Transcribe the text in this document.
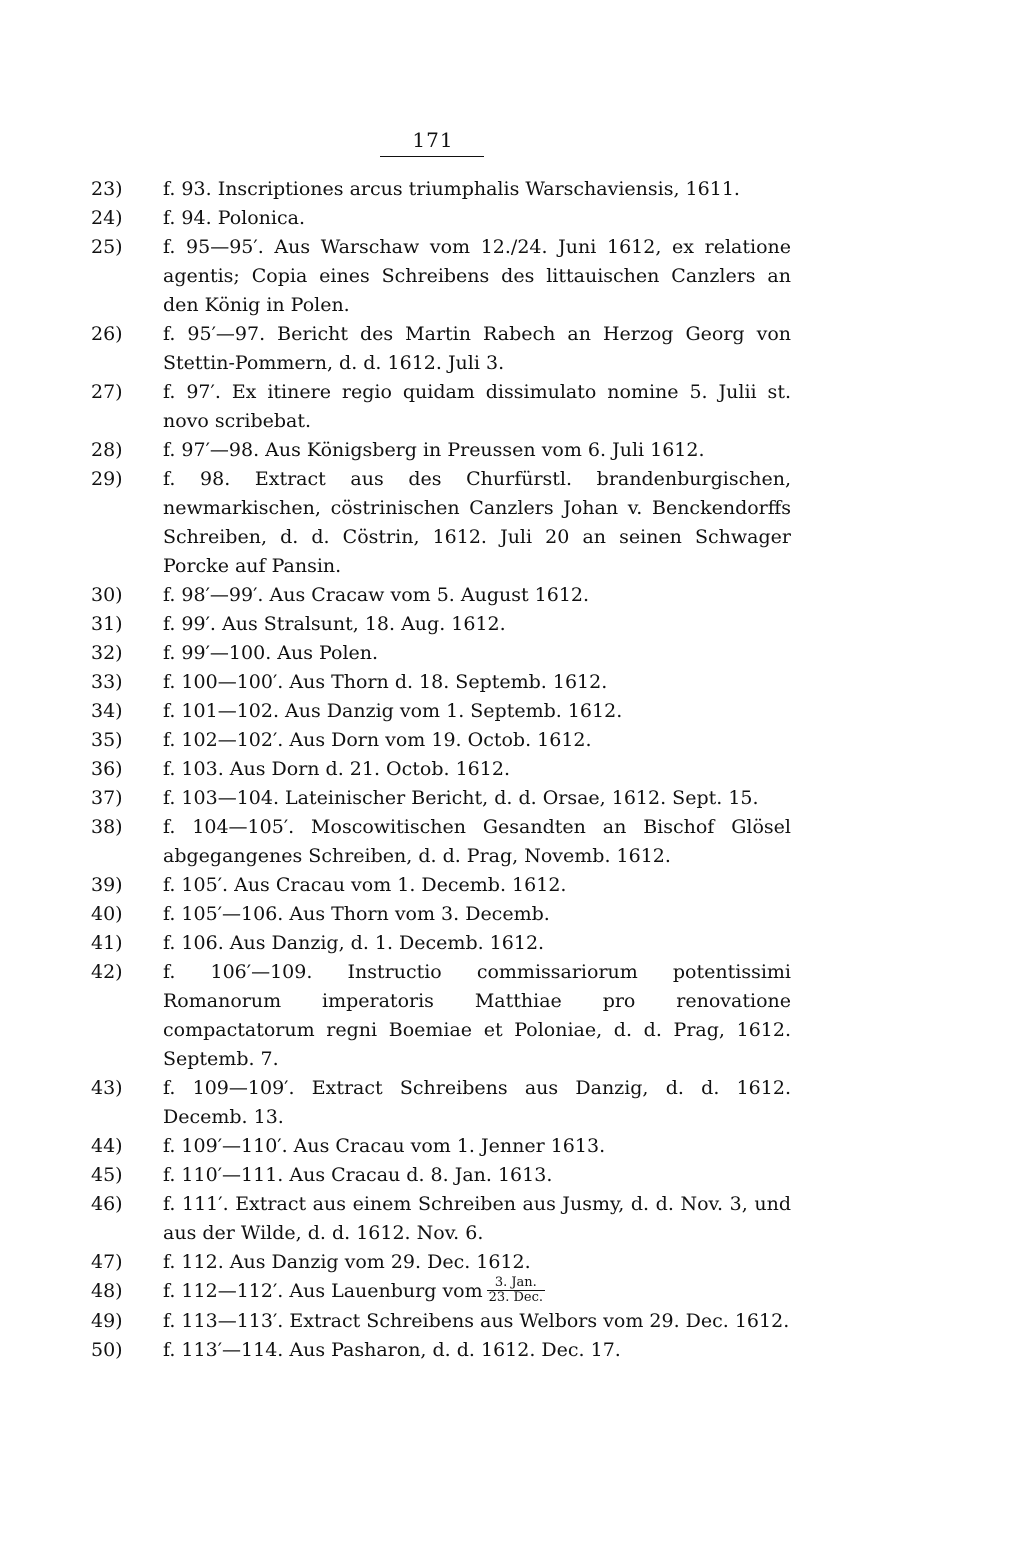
171
23)	f. 93. Inscriptiones arcus triumphalis Warschaviensis, 1611.
24)	f. 94. Polonica.
25)	f. 95—95′. Aus Warschaw vom 12./24. Juni 1612, ex relatione agentis; Copia eines Schreibens des littauischen Canzlers an den König in Polen.
26)	f. 95′—97. Bericht des Martin Rabech an Herzog Georg von Stettin-Pommern, d. d. 1612. Juli 3.
27)	f. 97′. Ex itinere regio quidam dissimulato nomine 5. Julii st. novo scribebat.
28)	f. 97′—98. Aus Königsberg in Preussen vom 6. Juli 1612.
29)	f. 98. Extract aus des Churfürstl. brandenburgischen, newmarkischen, cöstrinischen Canzlers Johan v. Benckendorffs Schreiben, d. d. Cöstrin, 1612. Juli 20 an seinen Schwager Porcke auf Pansin.
30)	f. 98′—99′. Aus Cracaw vom 5. August 1612.
31)	f. 99′. Aus Stralsunt, 18. Aug. 1612.
32)	f. 99′—100. Aus Polen.
33)	f. 100—100′. Aus Thorn d. 18. Septemb. 1612.
34)	f. 101—102. Aus Danzig vom 1. Septemb. 1612.
35)	f. 102—102′. Aus Dorn vom 19. Octob. 1612.
36)	f. 103. Aus Dorn d. 21. Octob. 1612.
37)	f. 103—104. Lateinischer Bericht, d. d. Orsae, 1612. Sept. 15.
38)	f. 104—105′. Moscowitischen Gesandten an Bischof Glösel abgegangenes Schreiben, d. d. Prag, Novemb. 1612.
39)	f. 105′. Aus Cracau vom 1. Decemb. 1612.
40)	f. 105′—106. Aus Thorn vom 3. Decemb.
41)	f. 106. Aus Danzig, d. 1. Decemb. 1612.
42)	f. 106′—109. Instructio commissariorum potentissimi Romanorum imperatoris Matthiae pro renovatione compactatorum regni Boemiae et Poloniae, d. d. Prag, 1612. Septemb. 7.
43)	f. 109—109′. Extract Schreibens aus Danzig, d. d. 1612. Decemb. 13.
44)	f. 109′—110′. Aus Cracau vom 1. Jenner 1613.
45)	f. 110′—111. Aus Cracau d. 8. Jan. 1613.
46)	f. 111′. Extract aus einem Schreiben aus Jusmy, d. d. Nov. 3, und aus der Wilde, d. d. 1612. Nov. 6.
47)	f. 112. Aus Danzig vom 29. Dec. 1612.
48)	f. 112—112′. Aus Lauenburg vom $\frac{\text{3. Jan.}}{\text{23. Dec.}}$
49)	f. 113—113′. Extract Schreibens aus Welbors vom 29. Dec. 1612.
50)	f. 113′—114. Aus Pasharon, d. d. 1612. Dec. 17.
